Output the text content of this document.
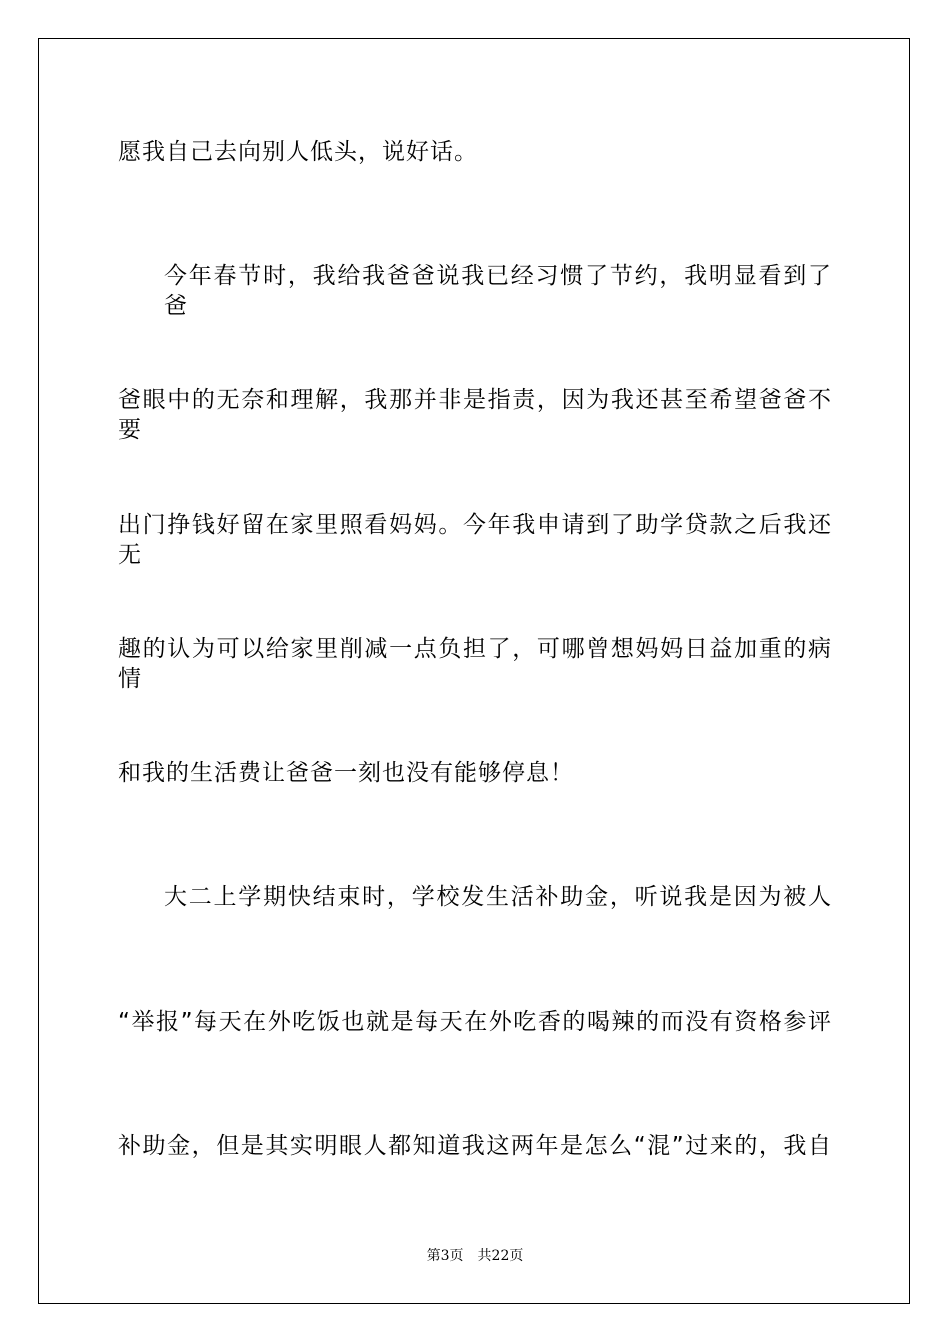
愿我自己去向别人低头，说好话。
今年春节时，我给我爸爸说我已经习惯了节约，我明显看到了爸
爸眼中的无奈和理解，我那并非是指责，因为我还甚至希望爸爸不要
出门挣钱好留在家里照看妈妈。今年我申请到了助学贷款之后我还无
趣的认为可以给家里削减一点负担了，可哪曾想妈妈日益加重的病情
和我的生活费让爸爸一刻也没有能够停息！
大二上学期快结束时，学校发生活补助金，听说我是因为被人
“举报”每天在外吃饭也就是每天在外吃香的喝辣的而没有资格参评
补助金，但是其实明眼人都知道我这两年是怎么“混”过来的，我自
第3页　共22页
